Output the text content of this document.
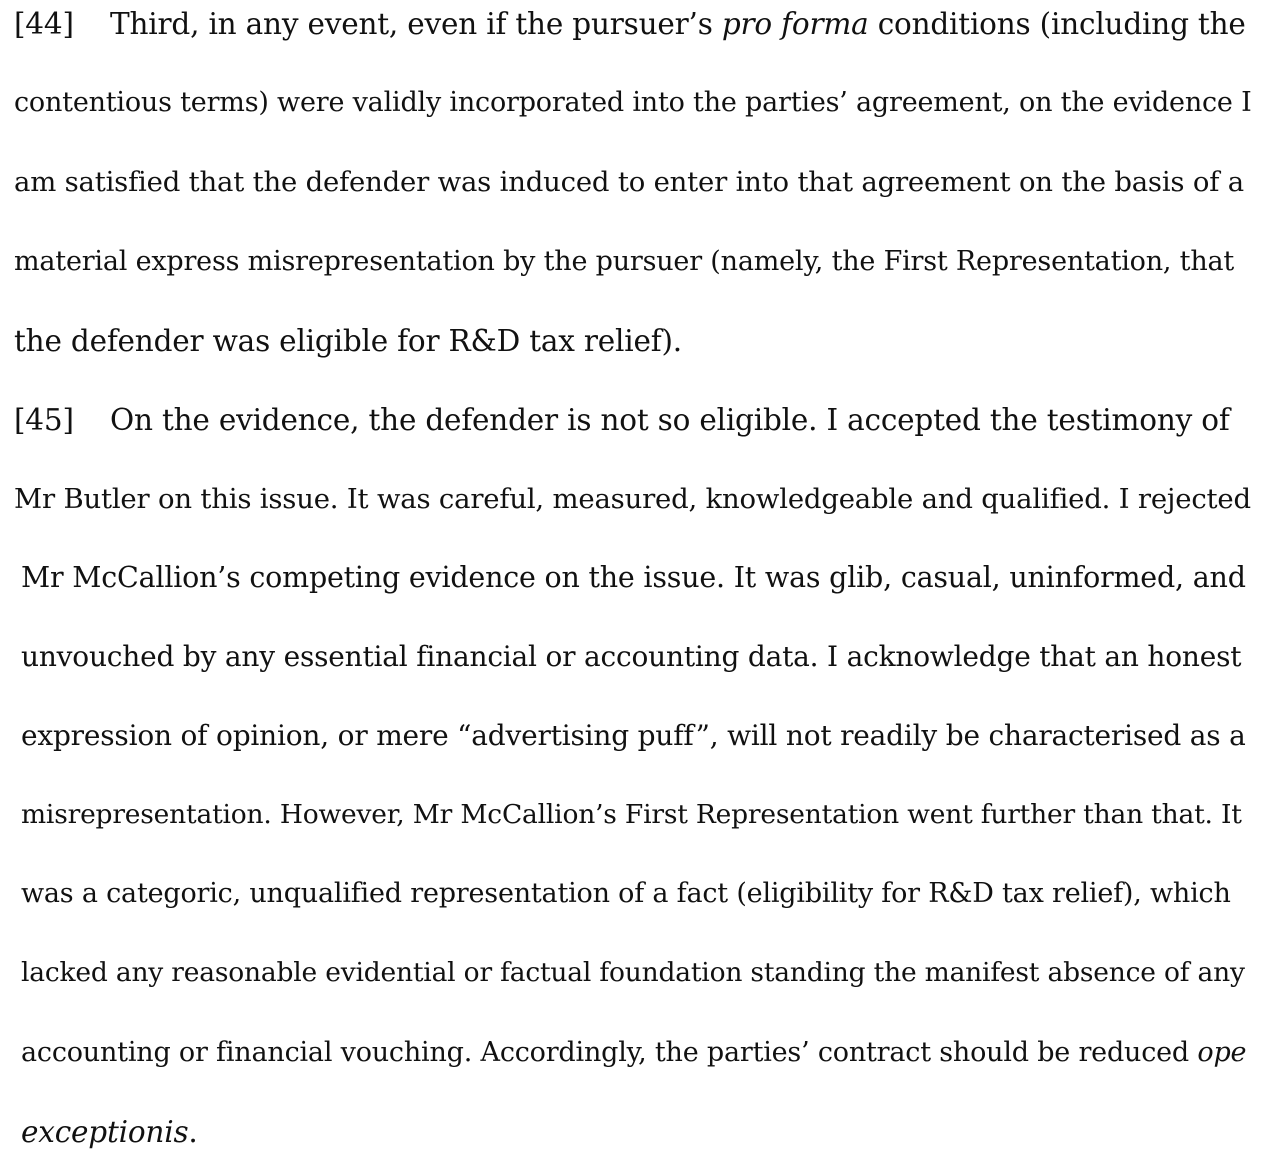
[44] Third, in any event, even if the pursuer’s pro forma conditions (including the
contentious terms) were validly incorporated into the parties’ agreement, on the evidence I
am satisfied that the defender was induced to enter into that agreement on the basis of a
material express misrepresentation by the pursuer (namely, the First Representation, that
the defender was eligible for R&D tax relief).
[45] On the evidence, the defender is not so eligible. I accepted the testimony of
Mr Butler on this issue. It was careful, measured, knowledgeable and qualified. I rejected
Mr McCallion’s competing evidence on the issue. It was glib, casual, uninformed, and
unvouched by any essential financial or accounting data. I acknowledge that an honest
expression of opinion, or mere “advertising puff”, will not readily be characterised as a
misrepresentation. However, Mr McCallion’s First Representation went further than that. It
was a categoric, unqualified representation of a fact (eligibility for R&D tax relief), which
lacked any reasonable evidential or factual foundation standing the manifest absence of any
accounting or financial vouching. Accordingly, the parties’ contract should be reduced ope
exceptionis.
